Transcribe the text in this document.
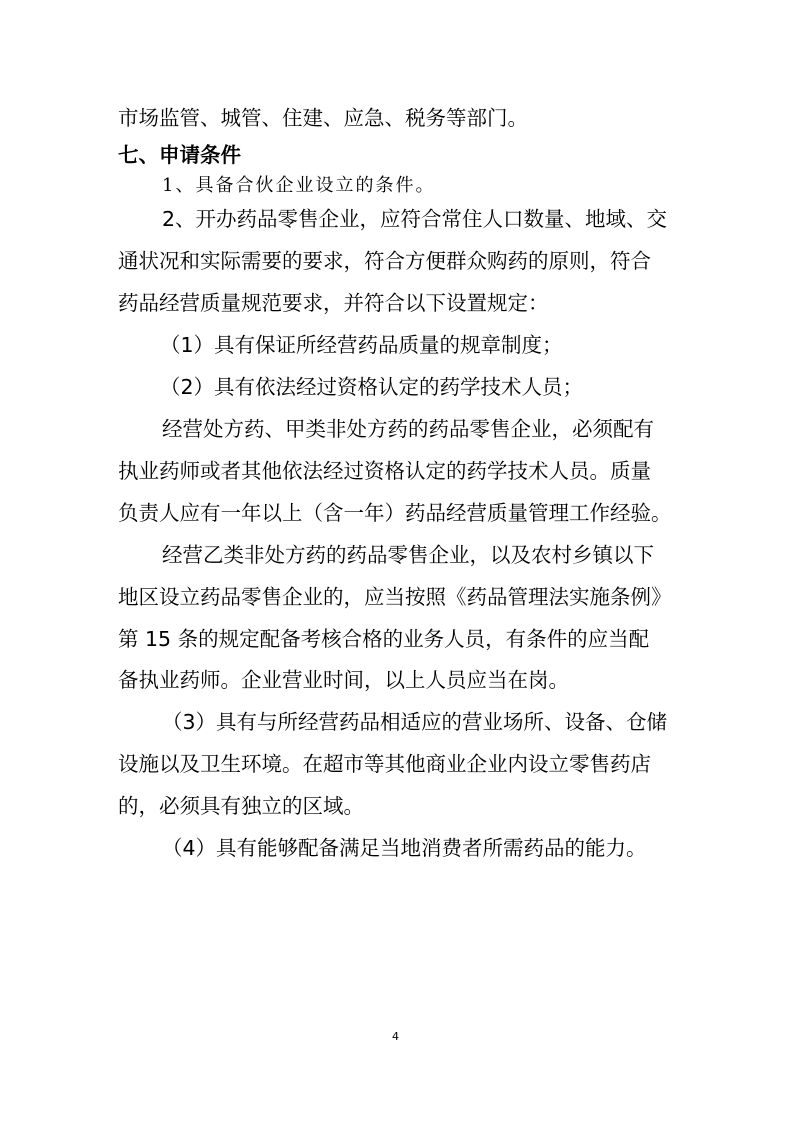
市场监管、城管、住建、应急、税务等部门。
七、申请条件
1、具备合伙企业设立的条件。
2、开办药品零售企业，应符合常住人口数量、地域、交
通状况和实际需要的要求，符合方便群众购药的原则，符合
药品经营质量规范要求，并符合以下设置规定：
（1）具有保证所经营药品质量的规章制度；
（2）具有依法经过资格认定的药学技术人员；
经营处方药、甲类非处方药的药品零售企业，必须配有
执业药师或者其他依法经过资格认定的药学技术人员。质量
负责人应有一年以上（含一年）药品经营质量管理工作经验。
经营乙类非处方药的药品零售企业，以及农村乡镇以下
地区设立药品零售企业的，应当按照《药品管理法实施条例》
第 15 条的规定配备考核合格的业务人员，有条件的应当配
备执业药师。企业营业时间，以上人员应当在岗。
（3）具有与所经营药品相适应的营业场所、设备、仓储
设施以及卫生环境。在超市等其他商业企业内设立零售药店
的，必须具有独立的区域。
（4）具有能够配备满足当地消费者所需药品的能力。
4
